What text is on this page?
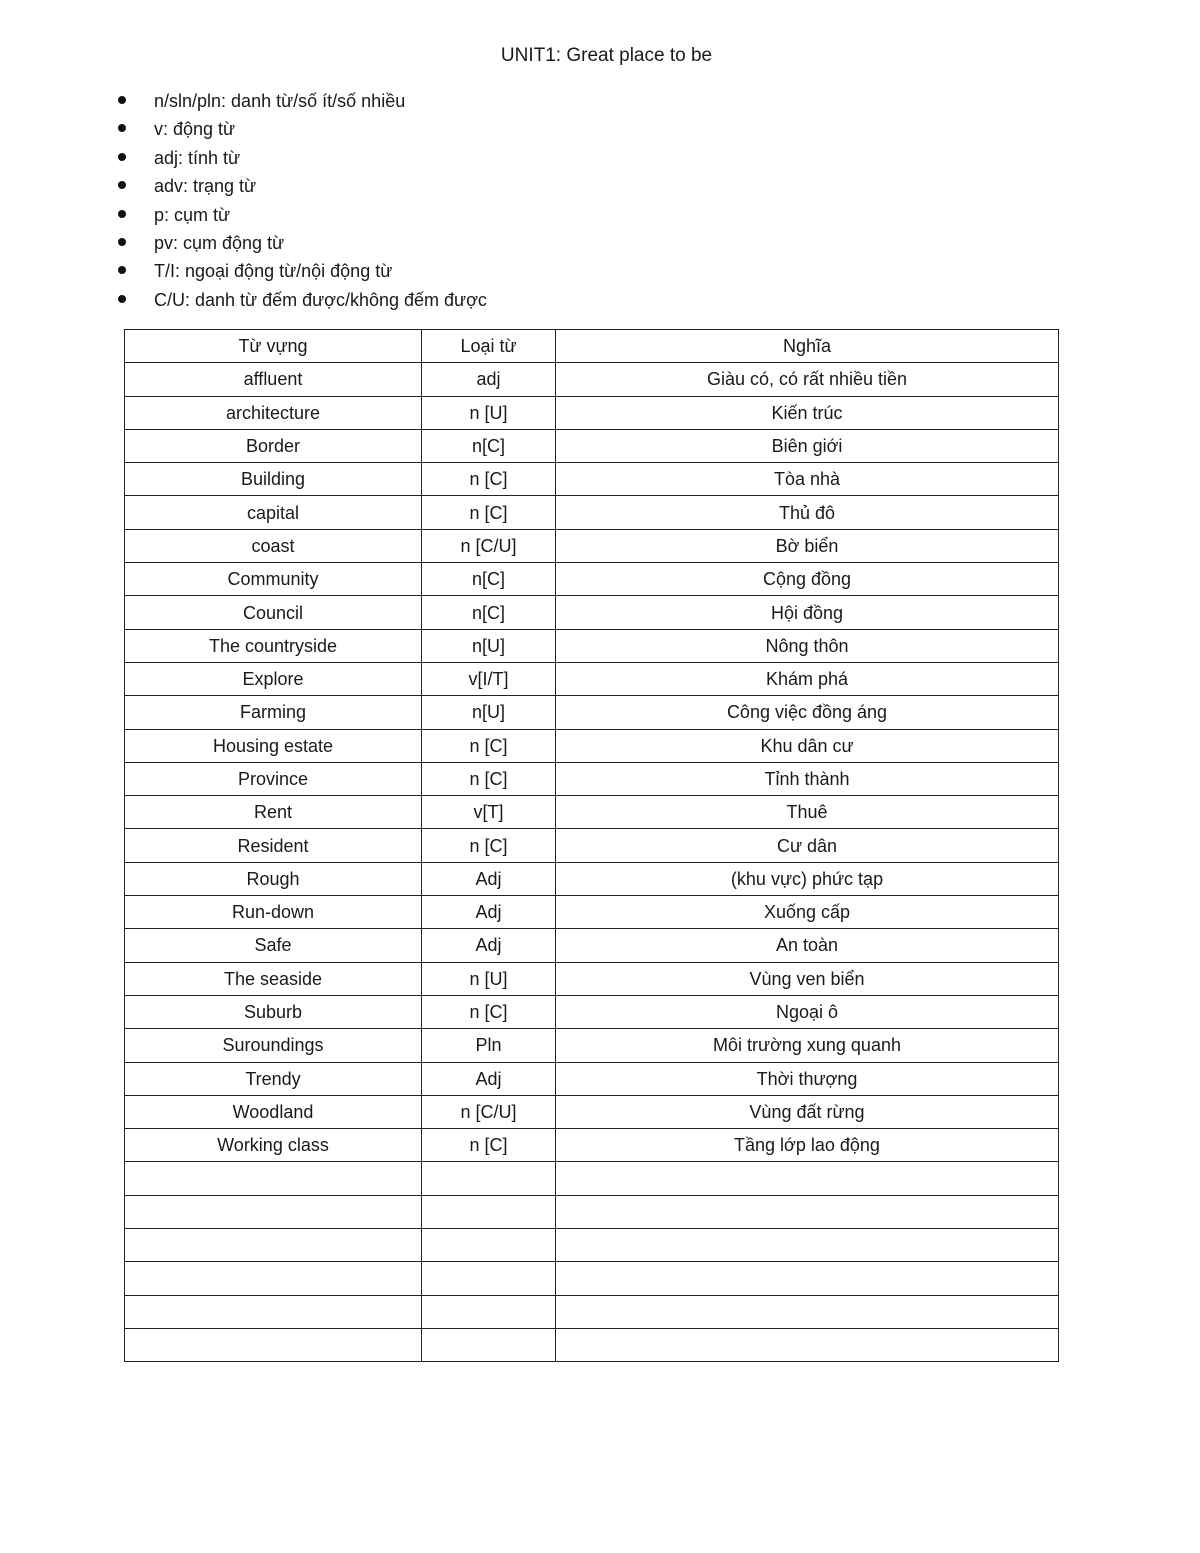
UNIT1: Great place to be
n/sln/pln: danh từ/số ít/số nhiều
v: động từ
adj: tính từ
adv: trạng từ
p: cụm từ
pv: cụm động từ
T/I: ngoại động từ/nội động từ
C/U: danh từ đếm được/không đếm được
Từ vựng	Loại từ	Nghĩa
affluent	adj	Giàu có, có rất nhiều tiền
architecture	n [U]	Kiến trúc
Border	n[C]	Biên giới
Building	n [C]	Tòa nhà
capital	n [C]	Thủ đô
coast	n [C/U]	Bờ biển
Community	n[C]	Cộng đồng
Council	n[C]	Hội đồng
The countryside	n[U]	Nông thôn
Explore	v[I/T]	Khám phá
Farming	n[U]	Công việc đồng áng
Housing estate	n [C]	Khu dân cư
Province	n [C]	Tỉnh thành
Rent	v[T]	Thuê
Resident	n [C]	Cư dân
Rough	Adj	(khu vực) phức tạp
Run-down	Adj	Xuống cấp
Safe	Adj	An toàn
The seaside	n [U]	Vùng ven biển
Suburb	n [C]	Ngoại ô
Suroundings	Pln	Môi trường xung quanh
Trendy	Adj	Thời thượng
Woodland	n [C/U]	Vùng đất rừng
Working class	n [C]	Tầng lớp lao động
